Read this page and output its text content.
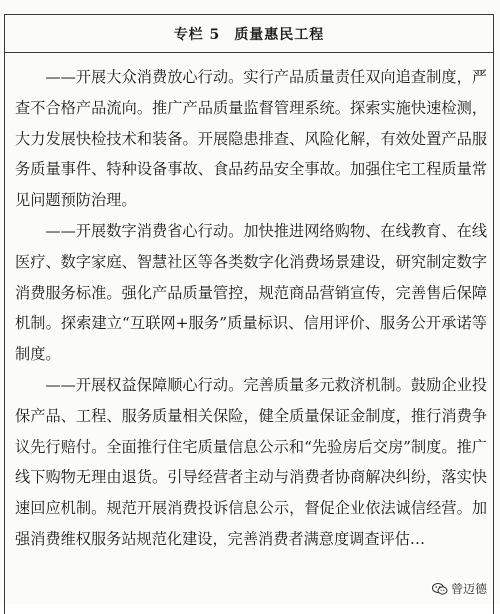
专栏 5 质量惠民工程

——开展大众消费放心行动。实行产品质量责任双向追查制度，严查不合格产品流向。推广产品质量监督管理系统。探索实施快速检测，大力发展快检技术和装备。开展隐患排查、风险化解，有效处置产品服务质量事件、特种设备事故、食品药品安全事故。加强住宅工程质量常见问题预防治理。

——开展数字消费省心行动。加快推进网络购物、在线教育、在线医疗、数字家庭、智慧社区等各类数字化消费场景建设，研究制定数字消费服务标准。强化产品质量管控，规范商品营销宣传，完善售后保障机制。探索建立“互联网+服务”质量标识、信用评价、服务公开承诺等制度。

——开展权益保障顺心行动。完善质量多元救济机制。鼓励企业投保产品、工程、服务质量相关保险，健全质量保证金制度，推行消费争议先行赔付。全面推行住宅质量信息公示和“先验房后交房”制度。推广线下购物无理由退货。引导经营者主动与消费者协商解决纠纷，落实快速回应机制。规范开展消费投诉信息公示，督促企业依法诚信经营。加强消费维权服务站规范化建设，完善消费者满意度调查评估…

曾迈德
